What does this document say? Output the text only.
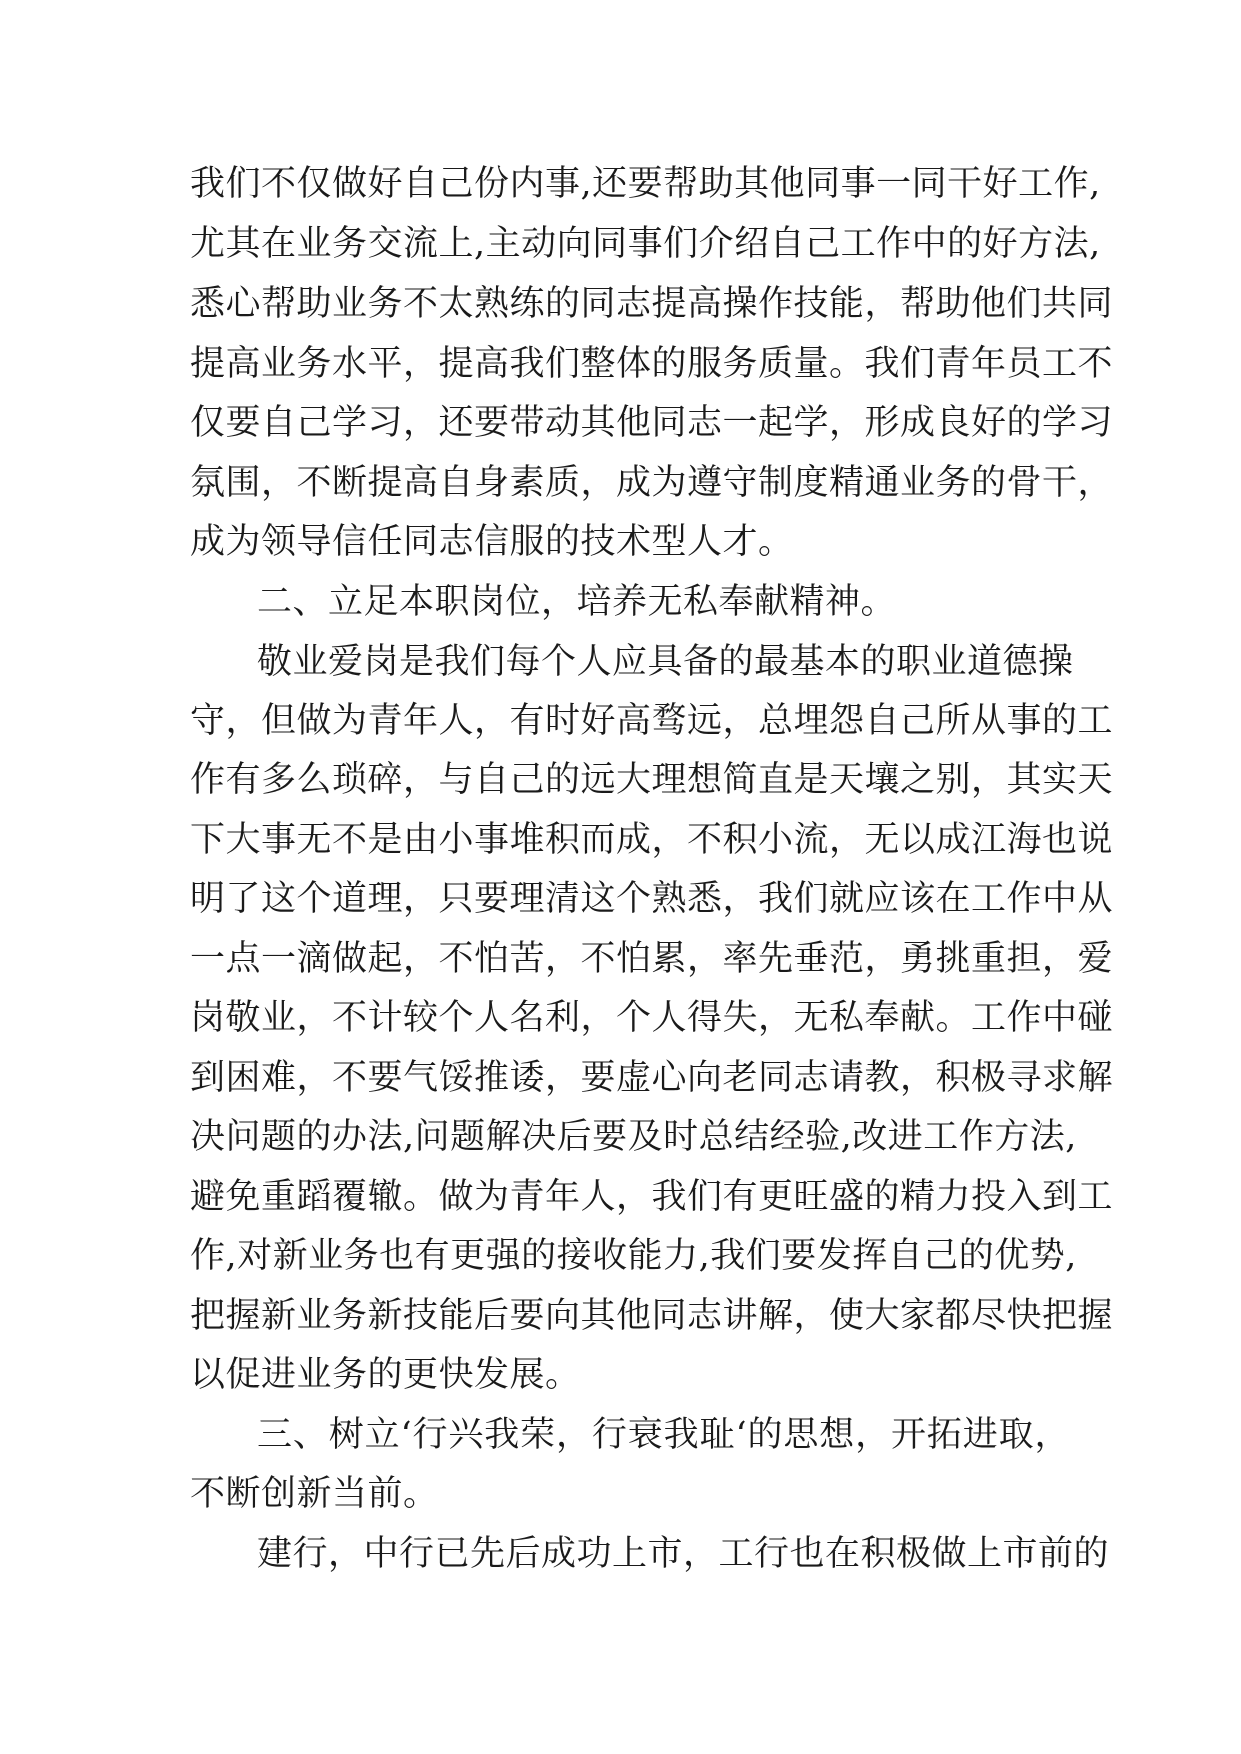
我们不仅做好自己份内事,还要帮助其他同事一同干好工作,
尤其在业务交流上,主动向同事们介绍自己工作中的好方法,
悉心帮助业务不太熟练的同志提高操作技能，帮助他们共同
提高业务水平，提高我们整体的服务质量。我们青年员工不
仅要自己学习，还要带动其他同志一起学，形成良好的学习
氛围，不断提高自身素质，成为遵守制度精通业务的骨干，
成为领导信任同志信服的技术型人才。
二、立足本职岗位，培养无私奉献精神。
敬业爱岗是我们每个人应具备的最基本的职业道德操
守，但做为青年人，有时好高骛远，总埋怨自己所从事的工
作有多么琐碎，与自己的远大理想简直是天壤之别，其实天
下大事无不是由小事堆积而成，不积小流，无以成江海也说
明了这个道理，只要理清这个熟悉，我们就应该在工作中从
一点一滴做起，不怕苦，不怕累，率先垂范，勇挑重担，爱
岗敬业，不计较个人名利，个人得失，无私奉献。工作中碰
到困难，不要气馁推诿，要虚心向老同志请教，积极寻求解
决问题的办法,问题解决后要及时总结经验,改进工作方法,
避免重蹈覆辙。做为青年人，我们有更旺盛的精力投入到工
作,对新业务也有更强的接收能力,我们要发挥自己的优势,
把握新业务新技能后要向其他同志讲解，使大家都尽快把握
以促进业务的更快发展。
三、树立‘行兴我荣，行衰我耻‘的思想，开拓进取，
不断创新当前。
建行，中行已先后成功上市，工行也在积极做上市前的
